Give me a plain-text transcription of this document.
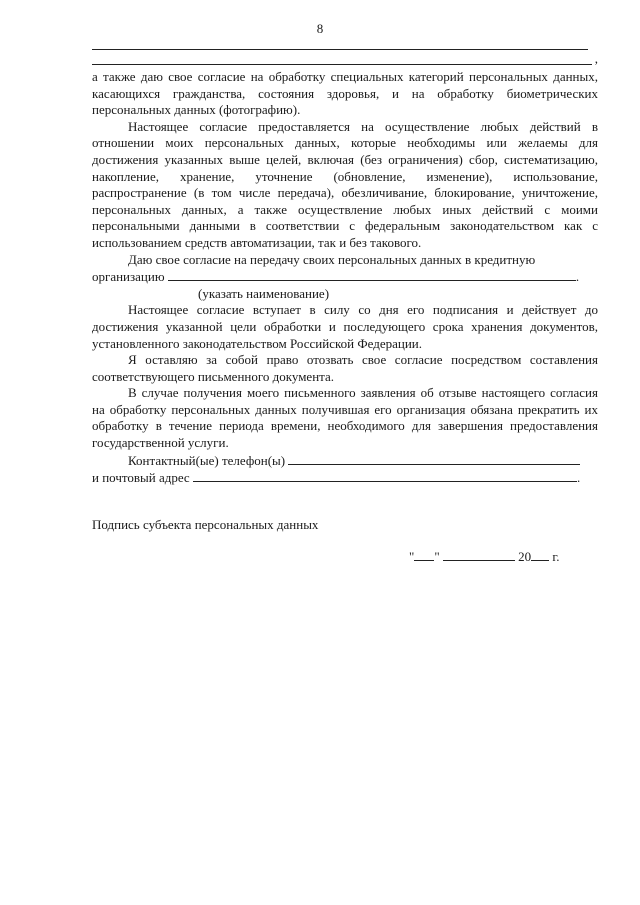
8
,

а также даю свое согласие на обработку специальных категорий персональных данных, касающихся гражданства, состояния здоровья, и на обработку биометрических персональных данных (фотографию).

Настоящее согласие предоставляется на осуществление любых действий в отношении моих персональных данных, которые необходимы или желаемы для достижения указанных выше целей, включая (без ограничения) сбор, систематизацию, накопление, хранение, уточнение (обновление, изменение), использование, распространение (в том числе передача), обезличивание, блокирование, уничтожение, персональных данных, а также осуществление любых иных действий с моими персональными данными в соответствии с федеральным законодательством как с использованием средств автоматизации, так и без такового.

Даю свое согласие на передачу своих персональных данных в кредитную

организацию	.
(указать наименование)

Настоящее согласие вступает в силу со дня его подписания и действует до достижения указанной цели обработки и последующего срока хранения документов, установленного законодательством Российской Федерации.

Я оставляю за собой право отозвать свое согласие посредством составления соответствующего письменного документа.

В случае получения моего письменного заявления об отзыве настоящего согласия на обработку персональных данных получившая его организация обязана прекратить их обработку в течение периода времени, необходимого для завершения предоставления государственной услуги.

Контактный(ые) телефон(ы)
и почтовый адрес	.
Подпись субъекта персональных данных
" "	20 г.
